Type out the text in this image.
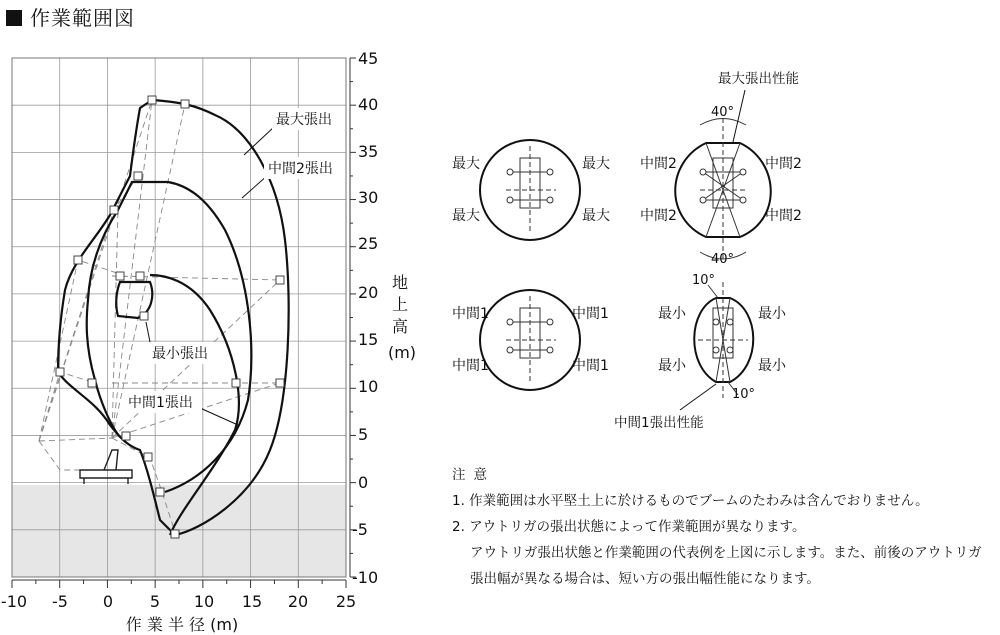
作業範囲図
45
40
35
30
25
20
15
10
5
0
-5
-10
-10 -5 0 5 10 15 20 25
作 業 半 径 (m)
地
上
高
(m)
最大張出
中間2張出
最小張出
中間1張出
40°
40°
最大張出性能
10°
10°
中間1張出性能
最大	最大
最大	最大
中間2	中間2
中間2	中間2
中間1	中間1
中間1	中間1
最小	最小
最小	最小
注意
1. 作業範囲は水平堅土上に於けるものでブームのたわみは含んでおりません。
2. アウトリガの張出状態によって作業範囲が異なります。
アウトリガ張出状態と作業範囲の代表例を上図に示します。また、前後のアウトリガ
張出幅が異なる場合は、短い方の張出幅性能になります。
